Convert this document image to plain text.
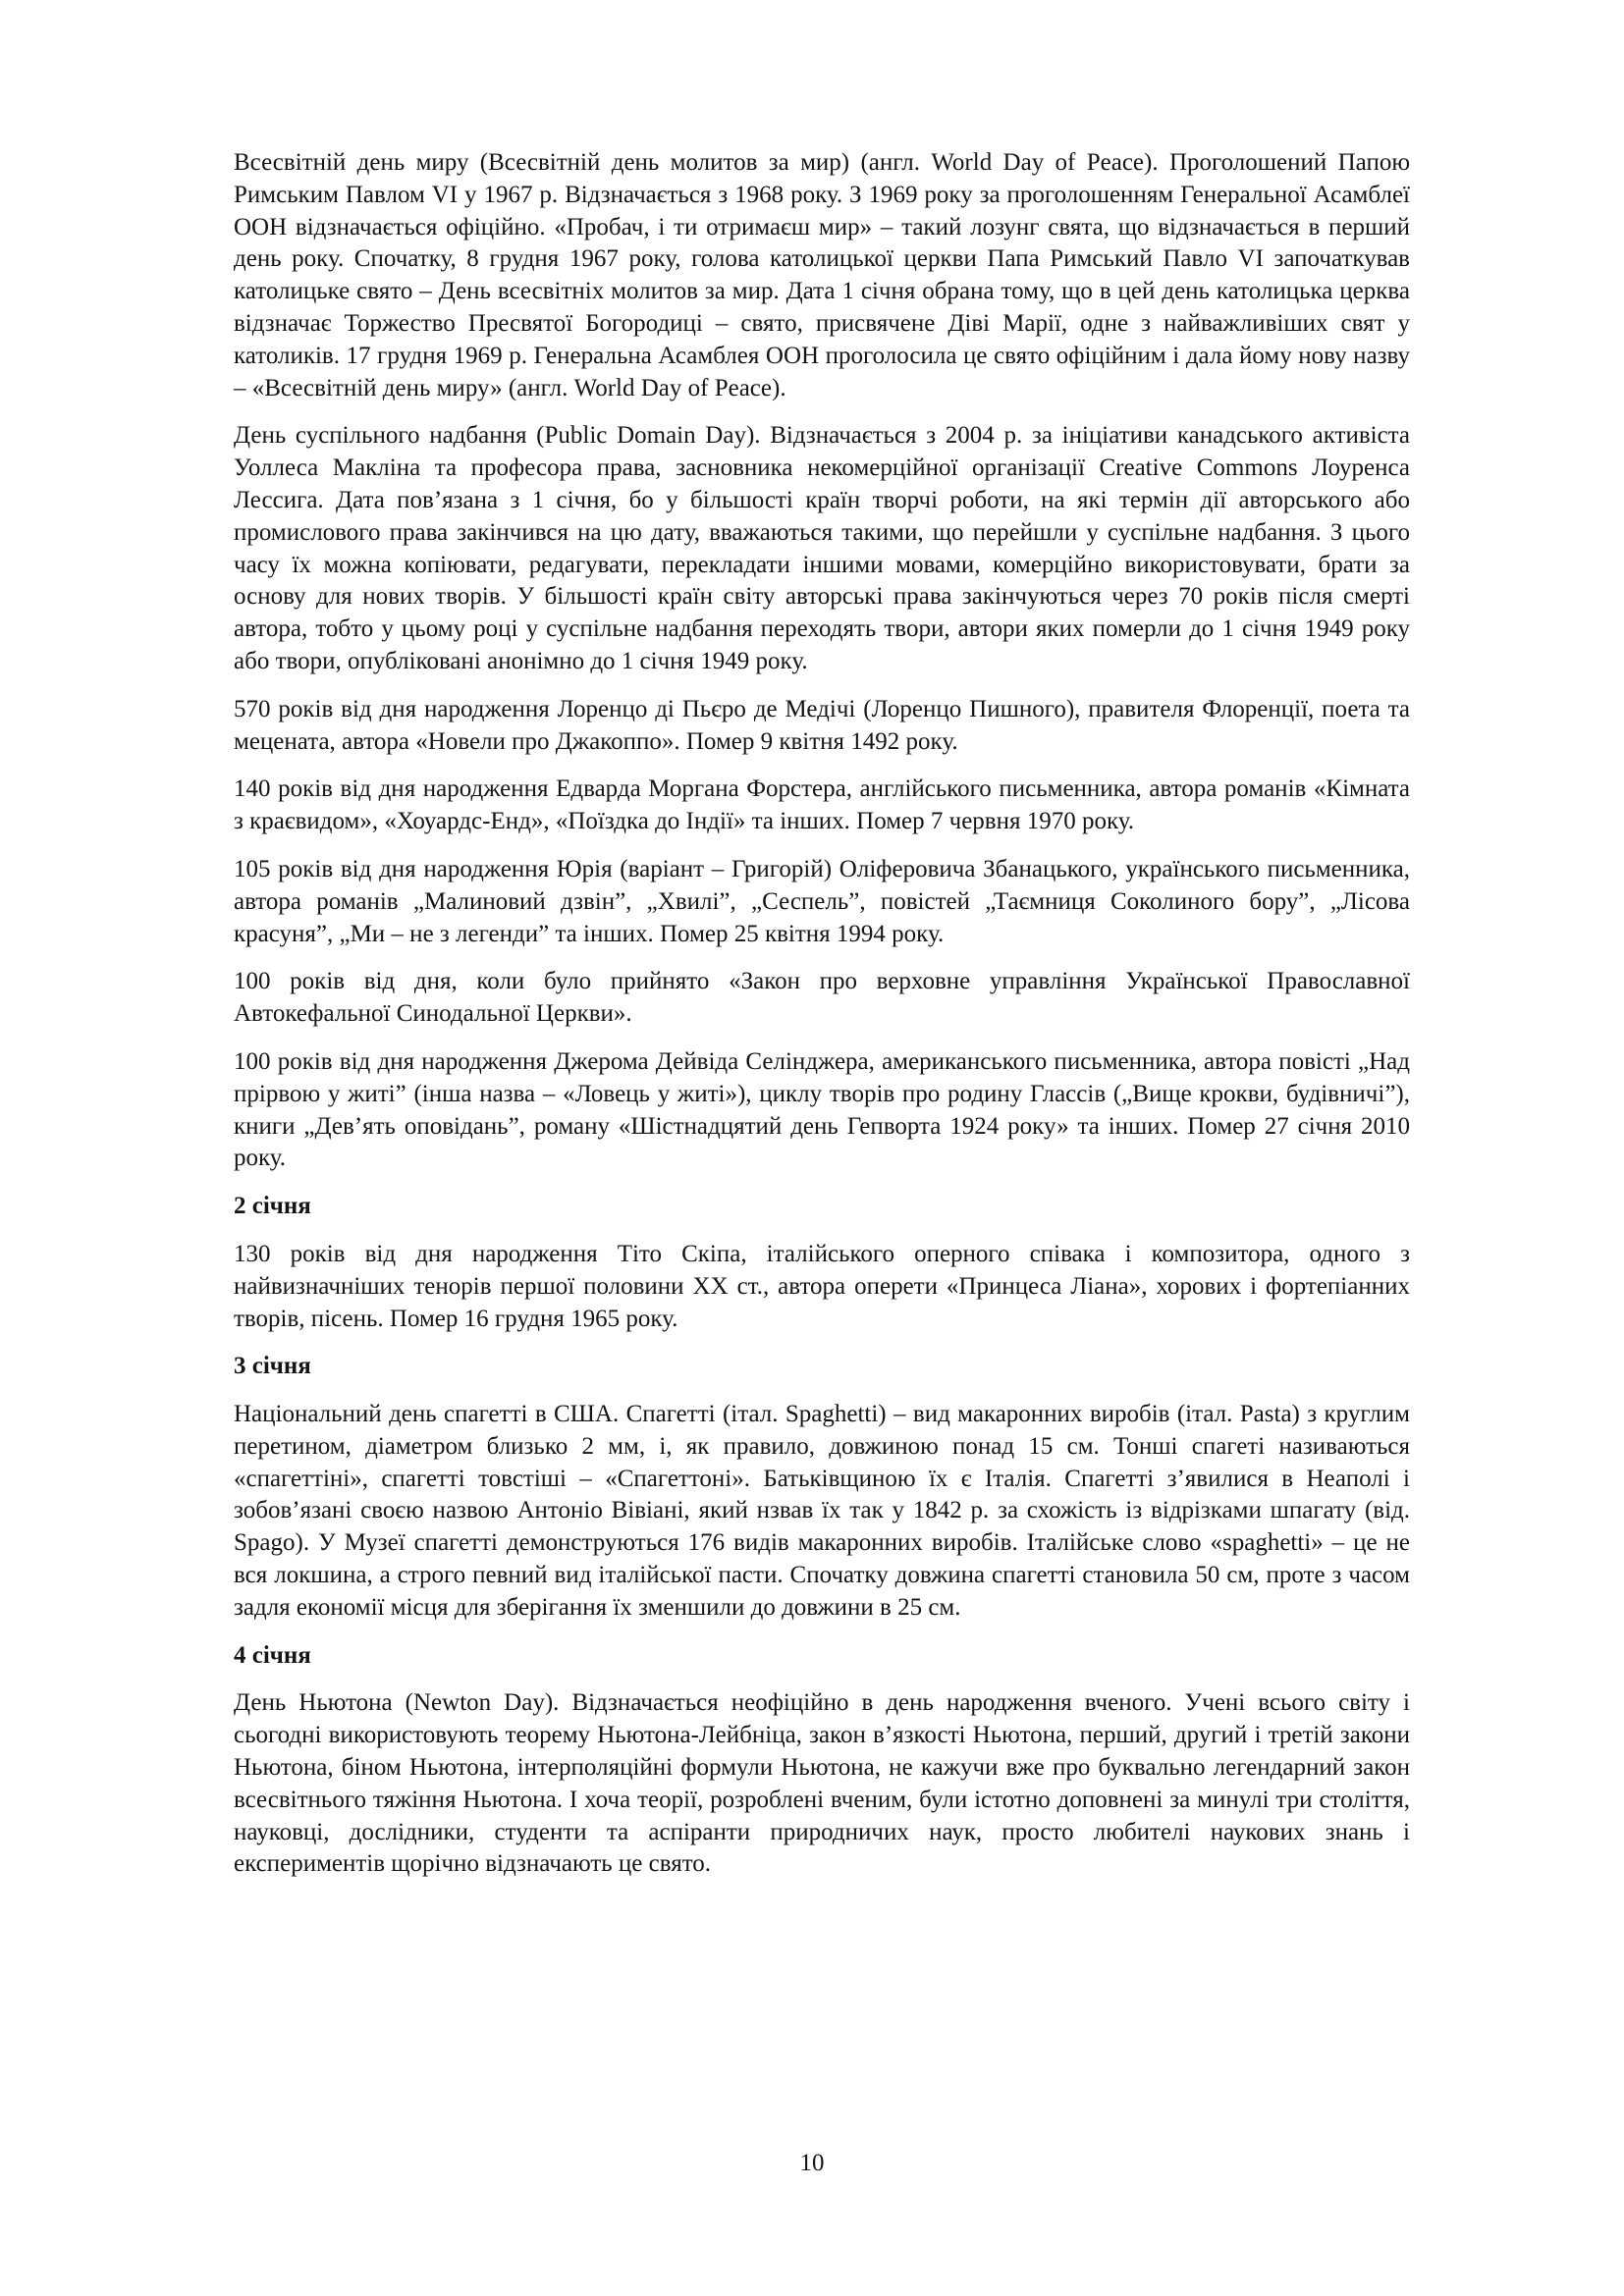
Всесвітній день миру (Всесвітній день молитов за мир) (англ. World Day of Peace). Проголошений Папою Римським Павлом VI у 1967 р. Відзначається з 1968 року. З 1969 року за проголошенням Генеральної Асамблеї ООН відзначається офіційно. «Пробач, і ти отримаєш мир» – такий лозунг свята, що відзначається в перший день року. Спочатку, 8 грудня 1967 року, голова католицької церкви Папа Римський Павло VI започаткував католицьке свято – День всесвітніх молитов за мир. Дата 1 січня обрана тому, що в цей день католицька церква відзначає Торжество Пресвятої Богородиці – свято, присвячене Діві Марії, одне з найважливіших свят у католиків. 17 грудня 1969 р. Генеральна Асамблея ООН проголосила це свято офіційним і дала йому нову назву – «Всесвітній день миру» (англ. World Day of Peace).

День суспільного надбання (Public Domain Day). Відзначається з 2004 р. за ініціативи канадського активіста Уоллеса Макліна та професора права, засновника некомерційної організації Creative Commons Лоуренса Лессига. Дата пов’язана з 1 січня, бо у більшості країн творчі роботи, на які термін дії авторського або промислового права закінчився на цю дату, вважаються такими, що перейшли у суспільне надбання. З цього часу їх можна копіювати, редагувати, перекладати іншими мовами, комерційно використовувати, брати за основу для нових творів. У більшості країн світу авторські права закінчуються через 70 років після смерті автора, тобто у цьому році у суспільне надбання переходять твори, автори яких померли до 1 січня 1949 року або твори, опубліковані анонімно до 1 січня 1949 року.

570 років від дня народження Лоренцо ді Пьєро де Медічі (Лоренцо Пишного), правителя Флоренції, поета та мецената, автора «Новели про Джакоппо». Помер 9 квітня 1492 року.

140 років від дня народження Едварда Моргана Форстера, англійського письменника, автора романів «Кімната з краєвидом», «Хоуардс-Енд», «Поїздка до Індії» та інших. Помер 7 червня 1970 року.

105 років від дня народження Юрія (варіант – Григорій) Оліферовича Збанацького, українського письменника, автора романів „Малиновий дзвін”, „Хвилі”, „Сеспель”, повістей „Таємниця Соколиного бору”, „Лісова красуня”, „Ми – не з легенди” та інших. Помер 25 квітня 1994 року.

100 років від дня, коли було прийнято «Закон про верховне управління Української Православної Автокефальної Синодальної Церкви».

100 років від дня народження Джерома Дейвіда Селінджера, американського письменника, автора повісті „Над прірвою у житі” (інша назва – «Ловець у житі»), циклу творів про родину Глассів („Вище крокви, будівничі”), книги „Дев’ять оповідань”, роману «Шістнадцятий день Гепворта 1924 року» та інших. Помер 27 січня 2010 року.

2 січня

130 років від дня народження Тіто Скіпа, італійського оперного співака і композитора, одного з найвизначніших тенорів першої половини XX ст., автора оперети «Принцеса Ліана», хорових і фортепіанних творів, пісень. Помер 16 грудня 1965 року.

3 січня

Національний день спагетті в США. Спагетті (італ. Spaghetti) – вид макаронних виробів (італ. Pasta) з круглим перетином, діаметром близько 2 мм, і, як правило, довжиною понад 15 см. Тонші спагеті називаються «спагеттіні», спагетті товстіші – «Спагеттоні». Батьківщиною їх є Італія. Спагетті з’явилися в Неаполі і зобов’язані своєю назвою Антоніо Вівіані, який нзвав їх так у 1842 р. за схожість із відрізками шпагату (від. Spago). У Музеї спагетті демонструються 176 видів макаронних виробів. Італійське слово «spaghetti» – це не вся локшина, а строго певний вид італійської пасти. Спочатку довжина спагетті становила 50 см, проте з часом задля економії місця для зберігання їх зменшили до довжини в 25 см.

4 січня

День Ньютона (Newton Day). Відзначається неофіційно в день народження вченого. Учені всього світу і сьогодні використовують теорему Ньютона-Лейбніца, закон в’язкості Ньютона, перший, другий і третій закони Ньютона, біном Ньютона, інтерполяційні формули Ньютона, не кажучи вже про буквально легендарний закон всесвітнього тяжіння Ньютона. І хоча теорії, розроблені вченим, були істотно доповнені за минулі три століття, науковці, дослідники, студенти та аспіранти природничих наук, просто любителі наукових знань і експериментів щорічно відзначають це свято.

10
